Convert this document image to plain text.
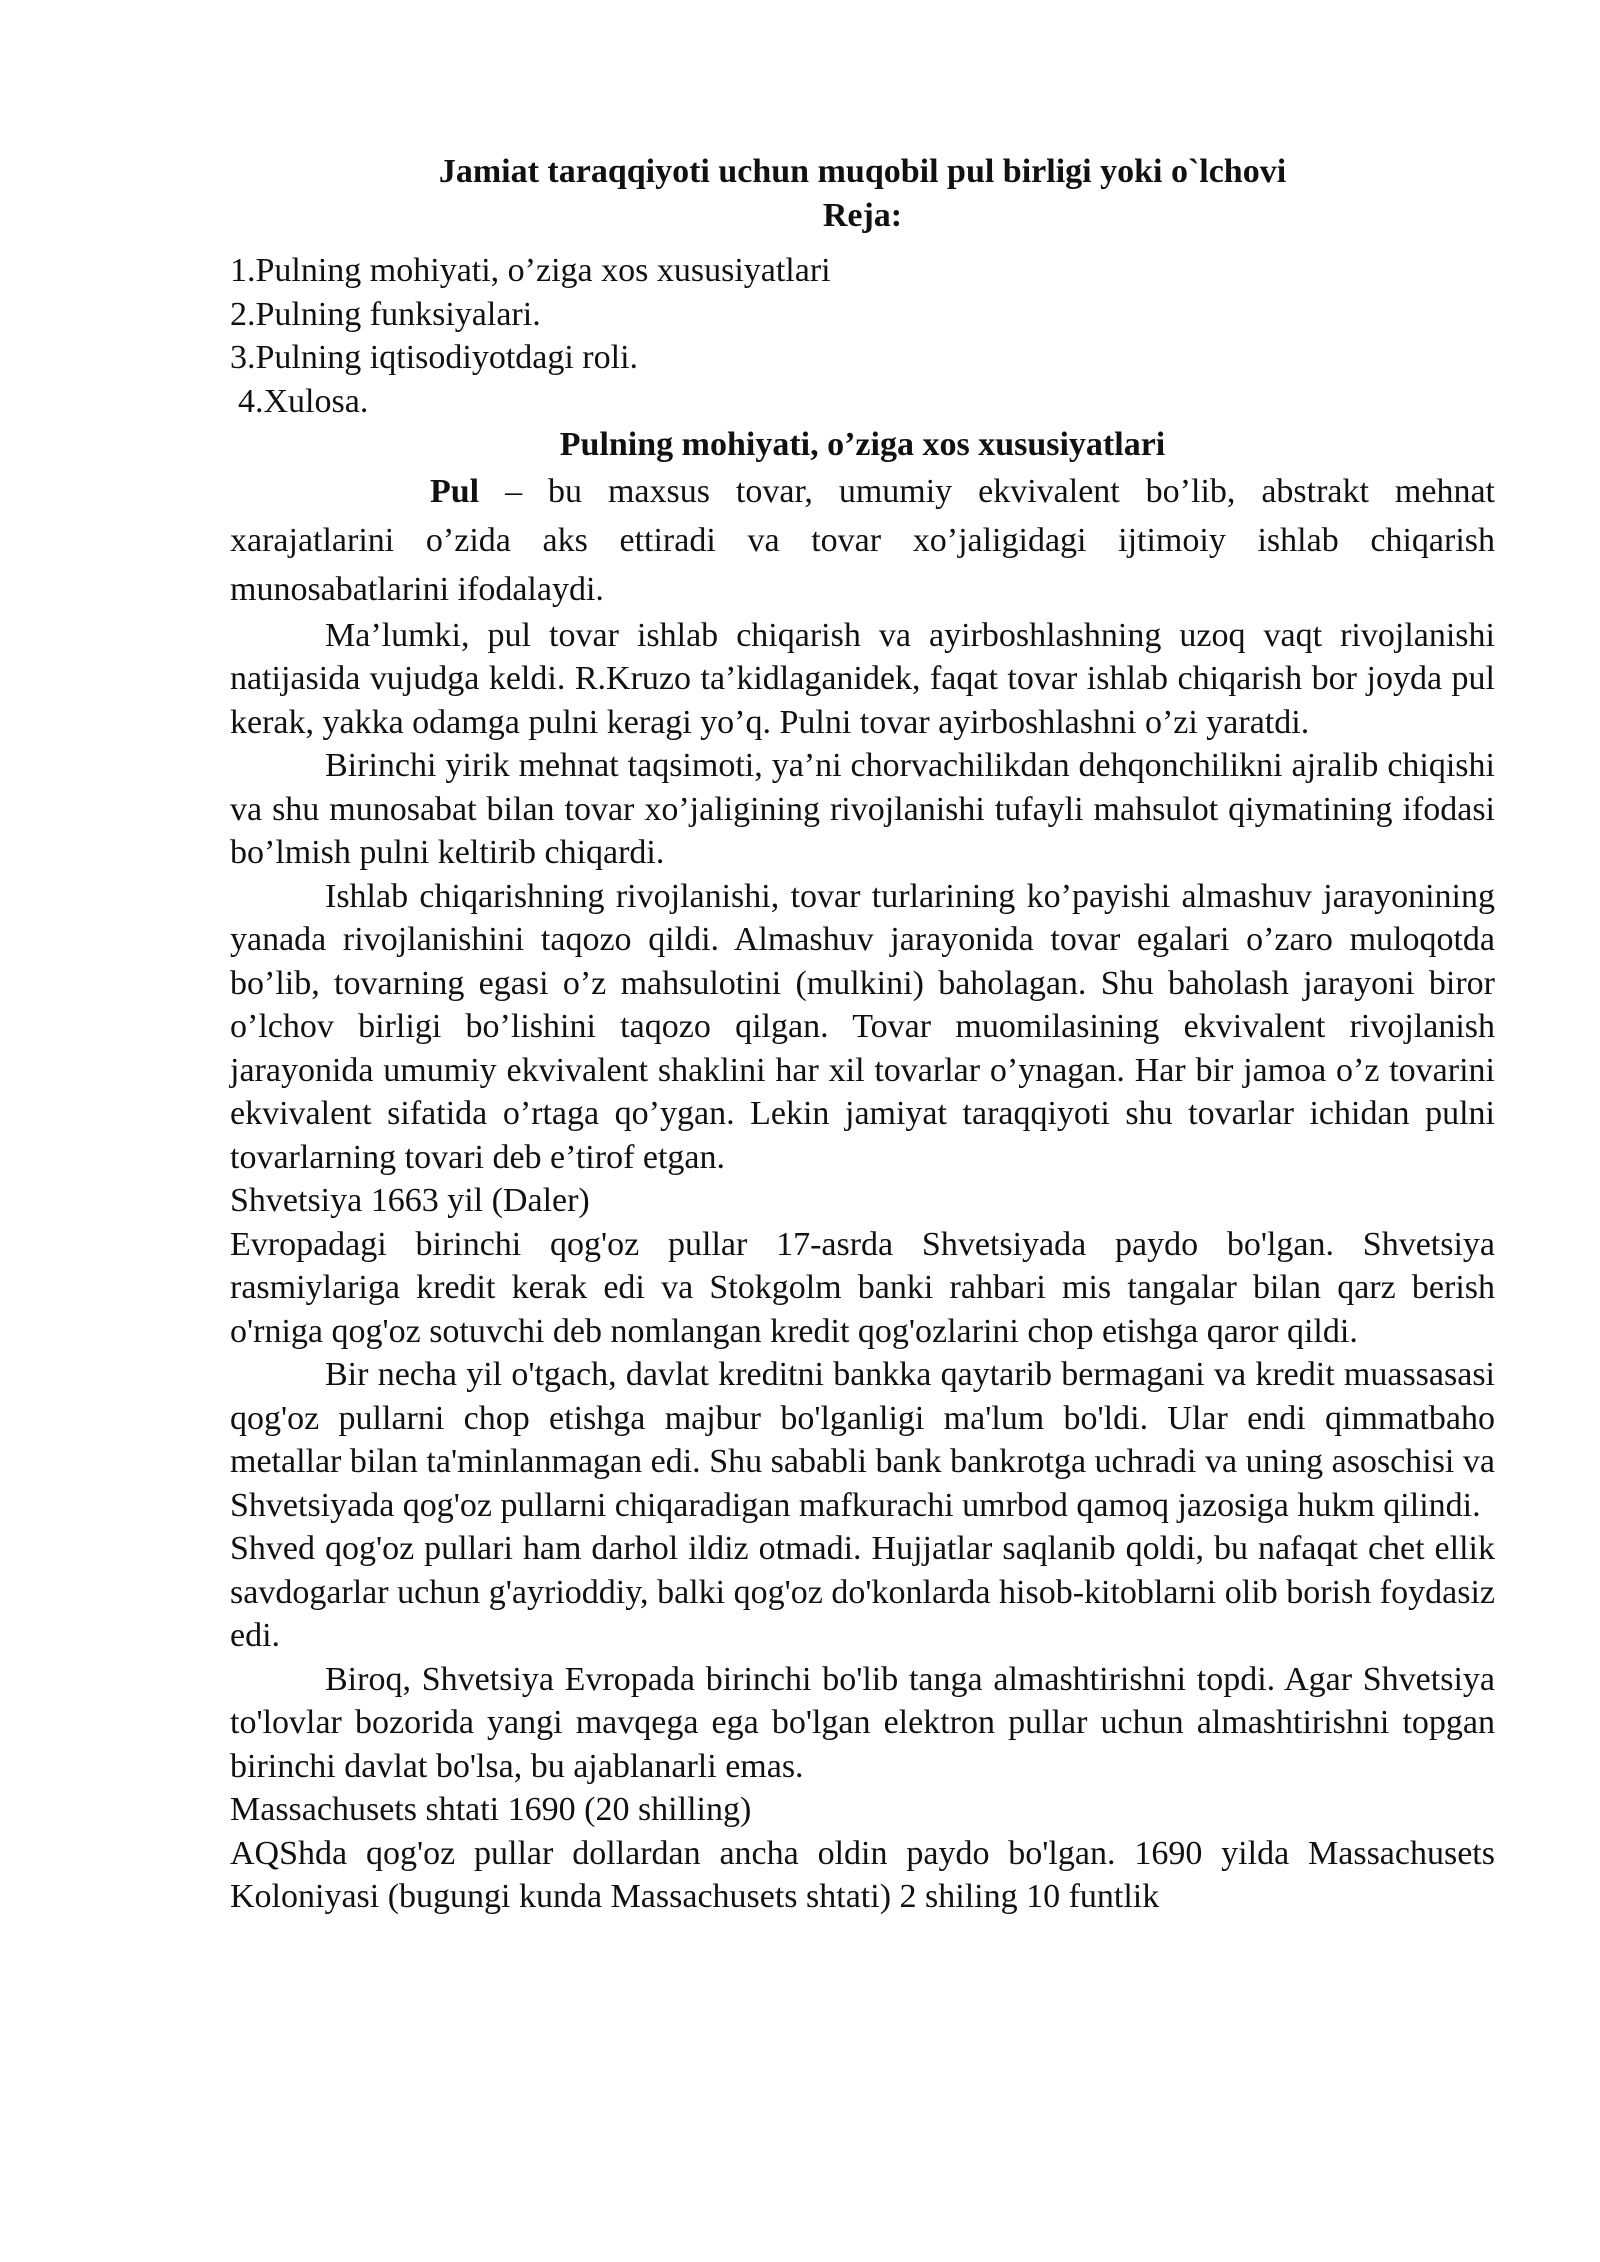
Jamiat taraqqiyoti uchun muqobil pul birligi yoki o`lchovi

Reja:

1.Pulning mohiyati, o’ziga xos xususiyatlari
2.Pulning funksiyalari.
3.Pulning iqtisodiyotdagi roli.
4.Xulosa.

Pulning mohiyati, o’ziga xos xususiyatlari

Pul – bu maxsus tovar, umumiy ekvivalent bo’lib, abstrakt mehnat xarajatlarini o’zida aks ettiradi va tovar xo’jaligidagi ijtimoiy ishlab chiqarish munosabatlarini ifodalaydi.

Ma’lumki, pul tovar ishlab chiqarish va ayirboshlashning uzoq vaqt rivojlanishi natijasida vujudga keldi. R.Kruzo ta’kidlaganidek, faqat tovar ishlab chiqarish bor joyda pul kerak, yakka odamga pulni keragi yo’q. Pulni tovar ayirboshlashni o’zi yaratdi.

Birinchi yirik mehnat taqsimoti, ya’ni chorvachilikdan dehqonchilikni ajralib chiqishi va shu munosabat bilan tovar xo’jaligining rivojlanishi tufayli mahsulot qiymatining ifodasi bo’lmish pulni keltirib chiqardi.

Ishlab chiqarishning rivojlanishi, tovar turlarining ko’payishi almashuv jarayonining yanada rivojlanishini taqozo qildi. Almashuv jarayonida tovar egalari o’zaro muloqotda bo’lib, tovarning egasi o’z mahsulotini (mulkini) baholagan. Shu baholash jarayoni biror o’lchov birligi bo’lishini taqozo qilgan. Tovar muomilasining ekvivalent rivojlanish jarayonida umumiy ekvivalent shaklini har xil tovarlar o’ynagan. Har bir jamoa o’z tovarini ekvivalent sifatida o’rtaga qo’ygan. Lekin jamiyat taraqqiyoti shu tovarlar ichidan pulni tovarlarning tovari deb e’tirof etgan.

Shvetsiya 1663 yil (Daler)

Evropadagi birinchi qog'oz pullar 17-asrda Shvetsiyada paydo bo'lgan. Shvetsiya rasmiylariga kredit kerak edi va Stokgolm banki rahbari mis tangalar bilan qarz berish o'rniga qog'oz sotuvchi deb nomlangan kredit qog'ozlarini chop etishga qaror qildi.

Bir necha yil o'tgach, davlat kreditni bankka qaytarib bermagani va kredit muassasasi qog'oz pullarni chop etishga majbur bo'lganligi ma'lum bo'ldi. Ular endi qimmatbaho metallar bilan ta'minlanmagan edi. Shu sababli bank bankrotga uchradi va uning asoschisi va Shvetsiyada qog'oz pullarni chiqaradigan mafkurachi umrbod qamoq jazosiga hukm qilindi.

Shved qog'oz pullari ham darhol ildiz otmadi. Hujjatlar saqlanib qoldi, bu nafaqat chet ellik savdogarlar uchun g'ayrioddiy, balki qog'oz do'konlarda hisob-kitoblarni olib borish foydasiz edi.

Biroq, Shvetsiya Evropada birinchi bo'lib tanga almashtirishni topdi. Agar Shvetsiya to'lovlar bozorida yangi mavqega ega bo'lgan elektron pullar uchun almashtirishni topgan birinchi davlat bo'lsa, bu ajablanarli emas.

Massachusets shtati 1690 (20 shilling)

AQShda qog'oz pullar dollardan ancha oldin paydo bo'lgan. 1690 yilda Massachusets Koloniyasi (bugungi kunda Massachusets shtati) 2 shiling 10 funtlik
